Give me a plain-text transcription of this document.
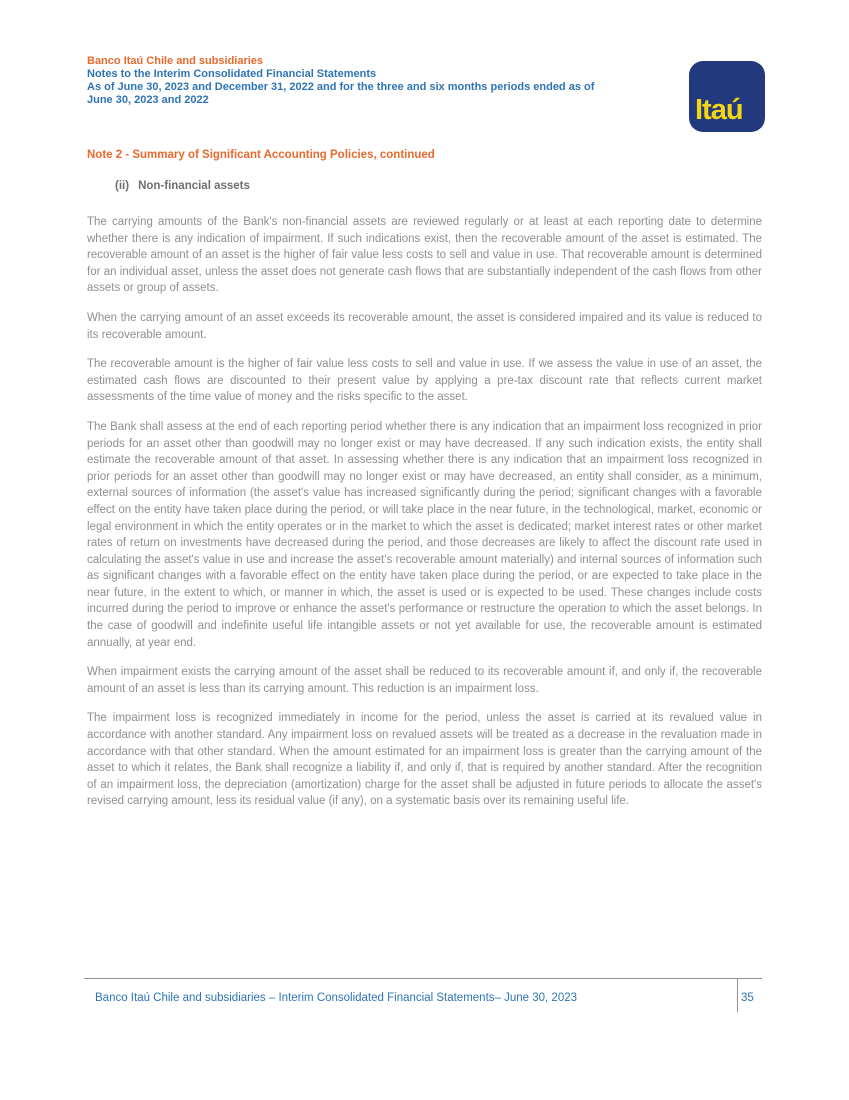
Banco Itaú Chile and subsidiaries
Notes to the Interim Consolidated Financial Statements
As of June 30, 2023 and December 31, 2022 and for the three and six months periods ended as of
June 30, 2023 and 2022	Itaú
Note 2 - Summary of Significant Accounting Policies, continued
(ii) Non-financial assets

The carrying amounts of the Bank's non-financial assets are reviewed regularly or at least at each reporting date to determine whether there is any indication of impairment. If such indications exist, then the recoverable amount of the asset is estimated. The recoverable amount of an asset is the higher of fair value less costs to sell and value in use. That recoverable amount is determined for an individual asset, unless the asset does not generate cash flows that are substantially independent of the cash flows from other assets or group of assets.

When the carrying amount of an asset exceeds its recoverable amount, the asset is considered impaired and its value is reduced to its recoverable amount.

The recoverable amount is the higher of fair value less costs to sell and value in use. If we assess the value in use of an asset, the estimated cash flows are discounted to their present value by applying a pre-tax discount rate that reflects current market assessments of the time value of money and the risks specific to the asset.

The Bank shall assess at the end of each reporting period whether there is any indication that an impairment loss recognized in prior periods for an asset other than goodwill may no longer exist or may have decreased. If any such indication exists, the entity shall estimate the recoverable amount of that asset. In assessing whether there is any indication that an impairment loss recognized in prior periods for an asset other than goodwill may no longer exist or may have decreased, an entity shall consider, as a minimum, external sources of information (the asset's value has increased significantly during the period; significant changes with a favorable effect on the entity have taken place during the period, or will take place in the near future, in the technological, market, economic or legal environment in which the entity operates or in the market to which the asset is dedicated; market interest rates or other market rates of return on investments have decreased during the period, and those decreases are likely to affect the discount rate used in calculating the asset's value in use and increase the asset's recoverable amount materially) and internal sources of information such as significant changes with a favorable effect on the entity have taken place during the period, or are expected to take place in the near future, in the extent to which, or manner in which, the asset is used or is expected to be used. These changes include costs incurred during the period to improve or enhance the asset's performance or restructure the operation to which the asset belongs. In the case of goodwill and indefinite useful life intangible assets or not yet available for use, the recoverable amount is estimated annually, at year end.

When impairment exists the carrying amount of the asset shall be reduced to its recoverable amount if, and only if, the recoverable amount of an asset is less than its carrying amount. This reduction is an impairment loss.

The impairment loss is recognized immediately in income for the period, unless the asset is carried at its revalued value in accordance with another standard. Any impairment loss on revalued assets will be treated as a decrease in the revaluation made in accordance with that other standard. When the amount estimated for an impairment loss is greater than the carrying amount of the asset to which it relates, the Bank shall recognize a liability if, and only if, that is required by another standard. After the recognition of an impairment loss, the depreciation (amortization) charge for the asset shall be adjusted in future periods to allocate the asset's revised carrying amount, less its residual value (if any), on a systematic basis over its remaining useful life.

Banco Itaú Chile and subsidiaries – Interim Consolidated Financial Statements– June 30, 2023	35
